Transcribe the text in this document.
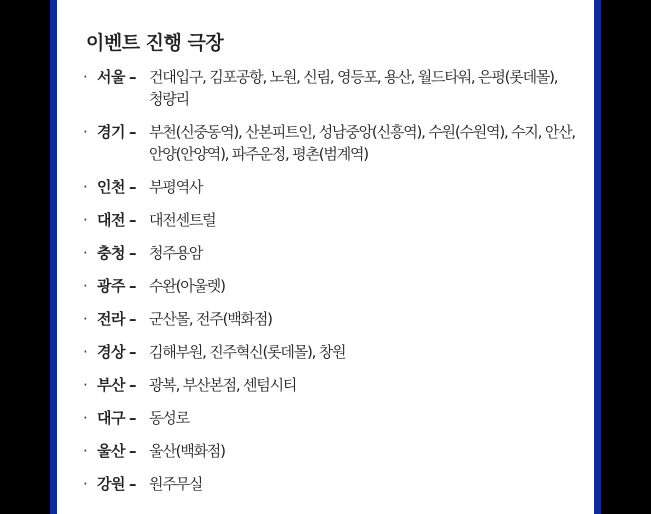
이벤트 진행 극장
· 서울 – 건대입구, 김포공항, 노원, 신림, 영등포, 용산, 월드타워, 은평(롯데몰), 청량리
· 경기 – 부천(신중동역), 산본피트인, 성남중앙(신흥역), 수원(수원역), 수지, 안산, 안양(안양역), 파주운정, 평촌(범계역)
· 인천 – 부평역사
· 대전 – 대전센트럴
· 충청 – 청주용암
· 광주 – 수완(아울렛)
· 전라 – 군산몰, 전주(백화점)
· 경상 – 김해부원, 진주혁신(롯데몰), 창원
· 부산 – 광복, 부산본점, 센텀시티
· 대구 – 동성로
· 울산 – 울산(백화점)
· 강원 – 원주무실
